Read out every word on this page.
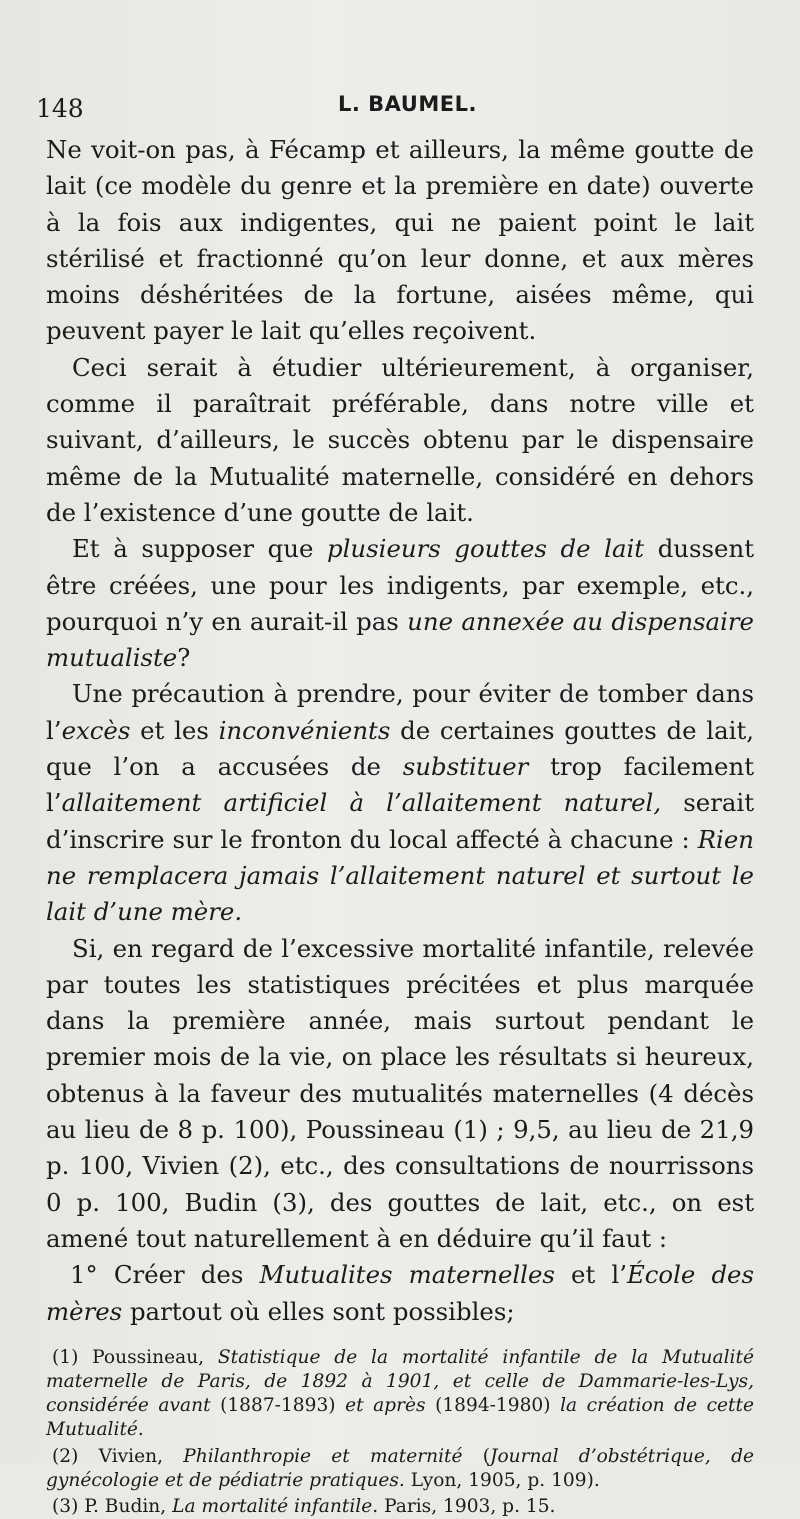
148	L. BAUMEL.

Ne voit-on pas, à Fécamp et ailleurs, la même goutte de lait (ce modèle du genre et la première en date) ouverte à la fois aux indigentes, qui ne paient point le lait stérilisé et fractionné qu’on leur donne, et aux mères moins déshéritées de la fortune, aisées même, qui peuvent payer le lait qu’elles reçoivent.

Ceci serait à étudier ultérieurement, à organiser, comme il paraîtrait préférable, dans notre ville et suivant, d’ailleurs, le succès obtenu par le dispensaire même de la Mutualité maternelle, considéré en dehors de l’existence d’une goutte de lait.

Et à supposer que plusieurs gouttes de lait dussent être créées, une pour les indigents, par exemple, etc., pourquoi n’y en aurait-il pas une annexée au dispensaire mutualiste?

Une précaution à prendre, pour éviter de tomber dans l’excès et les inconvénients de certaines gouttes de lait, que l’on a accusées de substituer trop facilement l’allaitement artificiel à l’allaitement naturel, serait d’inscrire sur le fronton du local affecté à chacune : Rien ne remplacera jamais l’allaitement naturel et surtout le lait d’une mère.

Si, en regard de l’excessive mortalité infantile, relevée par toutes les statistiques précitées et plus marquée dans la première année, mais surtout pendant le premier mois de la vie, on place les résultats si heureux, obtenus à la faveur des mutualités maternelles (4 décès au lieu de 8 p. 100), Poussineau (1) ; 9,5, au lieu de 21,9 p. 100, Vivien (2), etc., des consultations de nourrissons 0 p. 100, Budin (3), des gouttes de lait, etc., on est amené tout naturellement à en déduire qu’il faut :

1° Créer des Mutualites maternelles et l’École des mères partout où elles sont possibles;

(1) Poussineau, Statistique de la mortalité infantile de la Mutualité maternelle de Paris, de 1892 à 1901, et celle de Dammarie-les-Lys, considérée avant (1887-1893) et après (1894-1980) la création de cette Mutualité.

(2) Vivien, Philanthropie et maternité (Journal d’obstétrique, de gynécologie et de pédiatrie pratiques. Lyon, 1905, p. 109).

(3) P. Budin, La mortalité infantile. Paris, 1903, p. 15.
